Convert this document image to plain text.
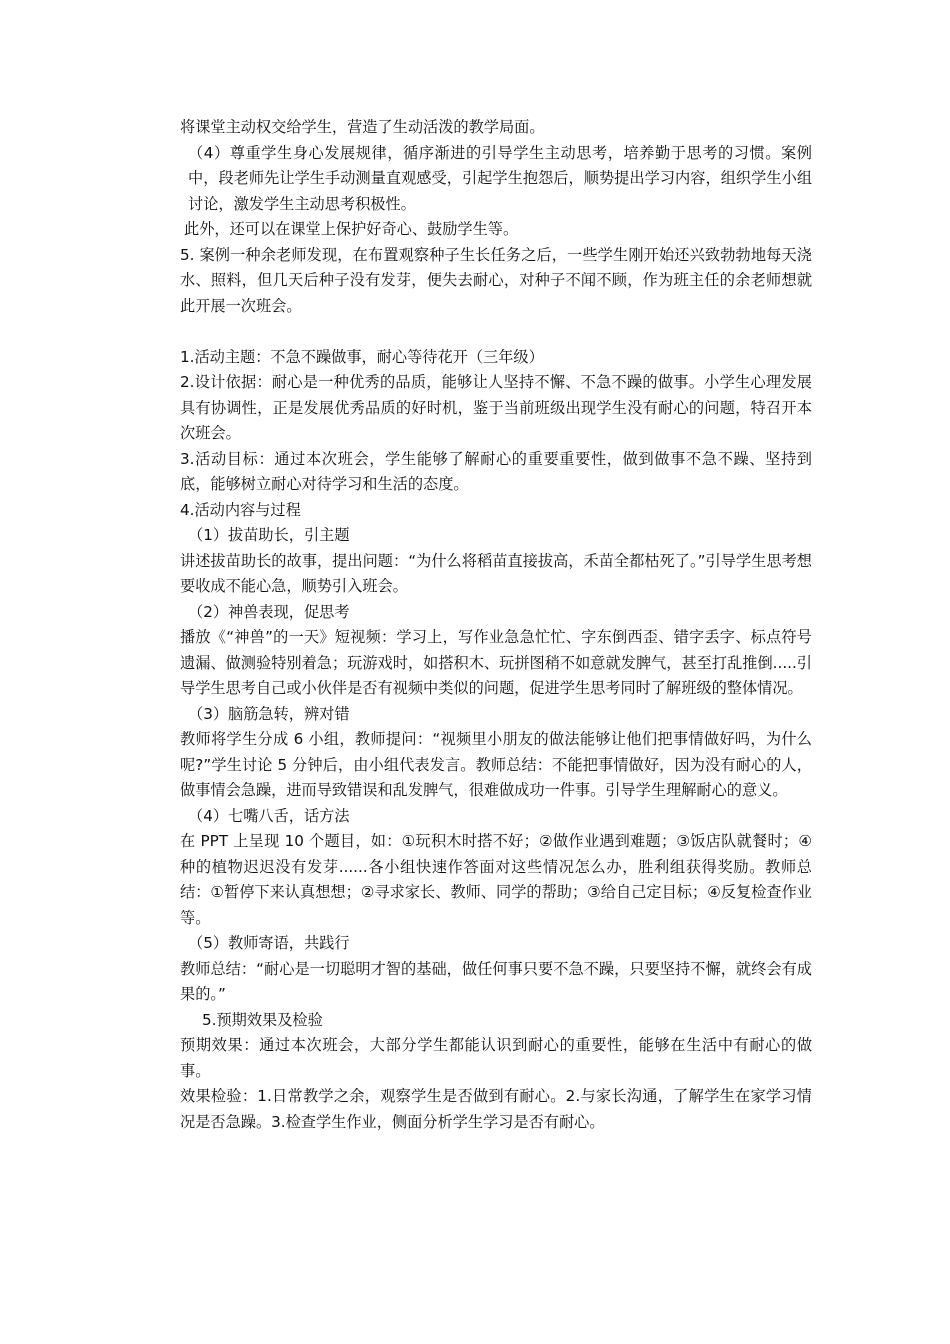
将课堂主动权交给学生，营造了生动活泼的教学局面。

（4）尊重学生身心发展规律，循序渐进的引导学生主动思考，培养勤于思考的习惯。案例中，段老师先让学生手动测量直观感受，引起学生抱怨后，顺势提出学习内容，组织学生小组讨论，激发学生主动思考积极性。

此外，还可以在课堂上保护好奇心、鼓励学生等。

5. 案例一种余老师发现，在布置观察种子生长任务之后，一些学生刚开始还兴致勃勃地每天浇水、照料，但几天后种子没有发芽，便失去耐心，对种子不闻不顾，作为班主任的余老师想就此开展一次班会。

1.活动主题：不急不躁做事，耐心等待花开（三年级）

2.设计依据：耐心是一种优秀的品质，能够让人坚持不懈、不急不躁的做事。小学生心理发展具有协调性，正是发展优秀品质的好时机，鉴于当前班级出现学生没有耐心的问题，特召开本次班会。

3.活动目标：通过本次班会，学生能够了解耐心的重要重要性，做到做事不急不躁、坚持到底，能够树立耐心对待学习和生活的态度。

4.活动内容与过程

（1）拔苗助长，引主题

讲述拔苗助长的故事，提出问题：“为什么将稻苗直接拔高，禾苗全都枯死了。”引导学生思考想要收成不能心急，顺势引入班会。

（2）神兽表现，促思考

播放《“神兽”的一天》短视频：学习上，写作业急急忙忙、字东倒西歪、错字丢字、标点符号遗漏、做测验特别着急；玩游戏时，如搭积木、玩拼图稍不如意就发脾气，甚至打乱推倒.....引导学生思考自己或小伙伴是否有视频中类似的问题，促进学生思考同时了解班级的整体情况。

（3）脑筋急转，辨对错

教师将学生分成 6 小组，教师提问：“视频里小朋友的做法能够让他们把事情做好吗，为什么呢?”学生讨论 5 分钟后，由小组代表发言。教师总结：不能把事情做好，因为没有耐心的人，做事情会急躁，进而导致错误和乱发脾气，很难做成功一件事。引导学生理解耐心的意义。

（4）七嘴八舌，话方法

在 PPT 上呈现 10 个题目，如：①玩积木时搭不好；②做作业遇到难题；③饭店队就餐时；④种的植物迟迟没有发芽......各小组快速作答面对这些情况怎么办，胜利组获得奖励。教师总结：①暂停下来认真想想；②寻求家长、教师、同学的帮助；③给自己定目标；④反复检查作业等。

（5）教师寄语，共践行

教师总结：“耐心是一切聪明才智的基础，做任何事只要不急不躁，只要坚持不懈，就终会有成果的。”

5.预期效果及检验

预期效果：通过本次班会，大部分学生都能认识到耐心的重要性，能够在生活中有耐心的做事。

效果检验：1.日常教学之余，观察学生是否做到有耐心。2.与家长沟通，了解学生在家学习情况是否急躁。3.检查学生作业，侧面分析学生学习是否有耐心。
